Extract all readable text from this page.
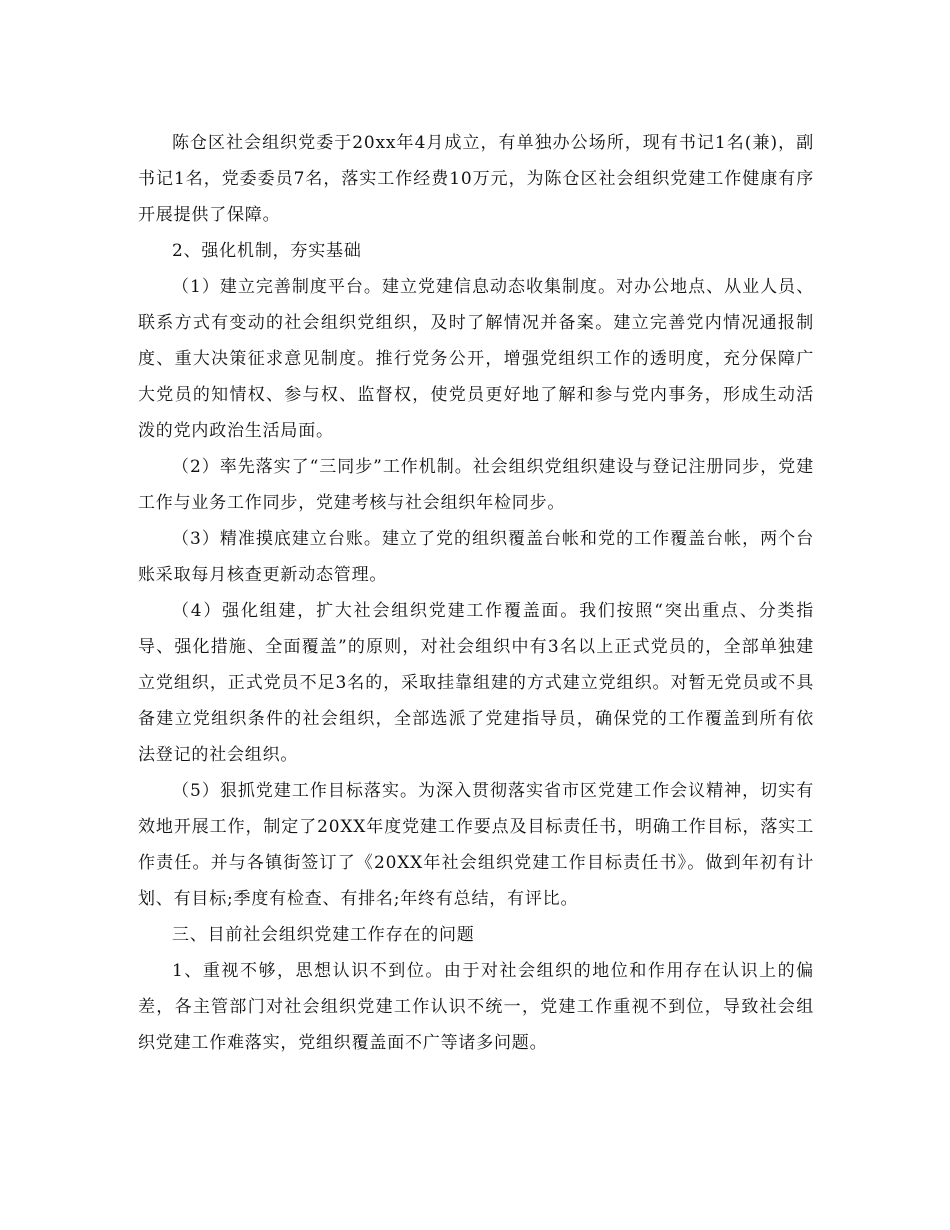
陈仓区社会组织党委于20xx年4月成立，有单独办公场所，现有书记1名(兼)，副书记1名，党委委员7名，落实工作经费10万元，为陈仓区社会组织党建工作健康有序开展提供了保障。

2、强化机制，夯实基础

（1）建立完善制度平台。建立党建信息动态收集制度。对办公地点、从业人员、联系方式有变动的社会组织党组织，及时了解情况并备案。建立完善党内情况通报制度、重大决策征求意见制度。推行党务公开，增强党组织工作的透明度，充分保障广大党员的知情权、参与权、监督权，使党员更好地了解和参与党内事务，形成生动活泼的党内政治生活局面。

（2）率先落实了“三同步”工作机制。社会组织党组织建设与登记注册同步，党建工作与业务工作同步，党建考核与社会组织年检同步。

（3）精准摸底建立台账。建立了党的组织覆盖台帐和党的工作覆盖台帐，两个台账采取每月核查更新动态管理。

（4）强化组建，扩大社会组织党建工作覆盖面。我们按照“突出重点、分类指导、强化措施、全面覆盖”的原则，对社会组织中有3名以上正式党员的，全部单独建立党组织，正式党员不足3名的，采取挂靠组建的方式建立党组织。对暂无党员或不具备建立党组织条件的社会组织，全部选派了党建指导员，确保党的工作覆盖到所有依法登记的社会组织。

（5）狠抓党建工作目标落实。为深入贯彻落实省市区党建工作会议精神，切实有效地开展工作，制定了20XX年度党建工作要点及目标责任书，明确工作目标，落实工作责任。并与各镇街签订了《20XX年社会组织党建工作目标责任书》。做到年初有计划、有目标;季度有检查、有排名;年终有总结，有评比。

三、目前社会组织党建工作存在的问题

1、重视不够，思想认识不到位。由于对社会组织的地位和作用存在认识上的偏差，各主管部门对社会组织党建工作认识不统一，党建工作重视不到位，导致社会组织党建工作难落实，党组织覆盖面不广等诸多问题。
